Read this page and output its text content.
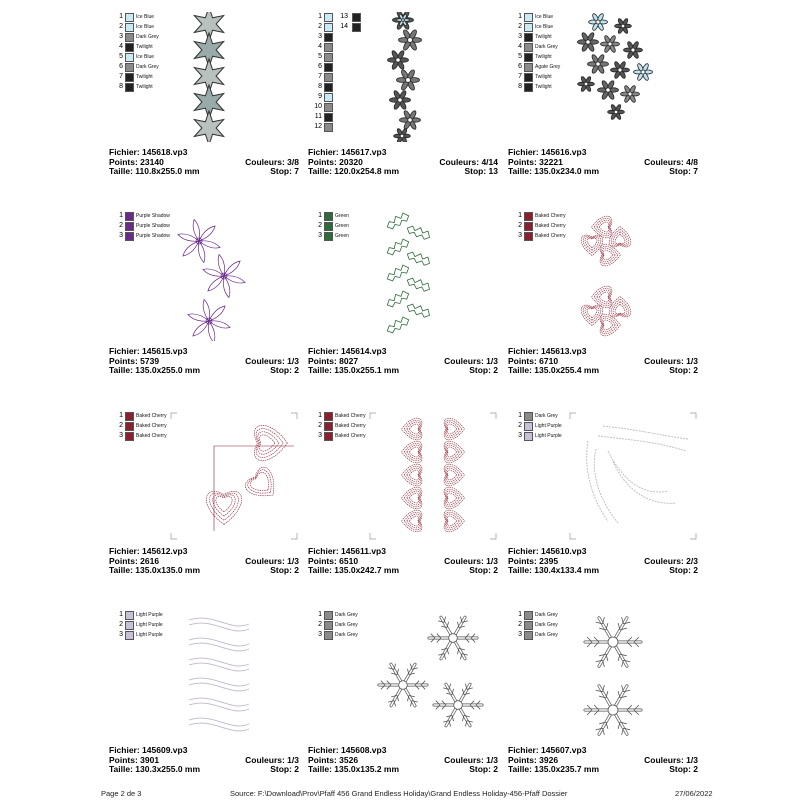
1	Ice Blue
2	Ice Blue
3	Dark Grey
4	Twilight
5	Ice Blue
6	Dark Grey
7	Twilight
8	Twilight
Fichier: 145618.vp3
Points: 23140	Couleurs: 3/8
Taille: 110.8x255.0 mm	Stop: 7
1	13
2	14
3
4
5
6
7
8
9
10
11
12
Fichier: 145617.vp3
Points: 20320	Couleurs: 4/14
Taille: 120.0x254.8 mm	Stop: 13
1	Ice Blue
2	Ice Blue
3	Twilight
4	Dark Grey
5	Twilight
6	Agate Grey
7	Twilight
8	Twilight
Fichier: 145616.vp3
Points: 32221	Couleurs: 4/8
Taille: 135.0x234.0 mm	Stop: 7
1	Purple Shadow
2	Purple Shadow
3	Purple Shadow
Fichier: 145615.vp3
Points: 5739	Couleurs: 1/3
Taille: 135.0x255.0 mm	Stop: 2
1	Green
2	Green
3	Green
Fichier: 145614.vp3
Points: 8027	Couleurs: 1/3
Taille: 135.0x255.1 mm	Stop: 2
1	Baked Cherry
2	Baked Cherry
3	Baked Cherry
Fichier: 145613.vp3
Points: 6710	Couleurs: 1/3
Taille: 135.0x255.4 mm	Stop: 2
1	Baked Cherry
2	Baked Cherry
3	Baked Cherry
Fichier: 145612.vp3
Points: 2616	Couleurs: 1/3
Taille: 135.0x135.0 mm	Stop: 2
1	Baked Cherry
2	Baked Cherry
3	Baked Cherry
Fichier: 145611.vp3
Points: 6510	Couleurs: 1/3
Taille: 135.0x242.7 mm	Stop: 2
1	Dark Grey
2	Light Purple
3	Light Purple
Fichier: 145610.vp3
Points: 2395	Couleurs: 2/3
Taille: 130.4x133.4 mm	Stop: 2
1	Light Purple
2	Light Purple
3	Light Purple
Fichier: 145609.vp3
Points: 3901	Couleurs: 1/3
Taille: 130.3x255.0 mm	Stop: 2
1	Dark Grey
2	Dark Grey
3	Dark Grey
Fichier: 145608.vp3
Points: 3526	Couleurs: 1/3
Taille: 135.0x135.2 mm	Stop: 2
1	Dark Grey
2	Dark Grey
3	Dark Grey
Fichier: 145607.vp3
Points: 3926	Couleurs: 1/3
Taille: 135.0x235.7 mm	Stop: 2
Page 2 de 3	Source: F:\Download\Prov\Pfaff 456 Grand Endless Holiday\Grand Endless Holiday-456-Pfaff Dossier	27/06/2022
